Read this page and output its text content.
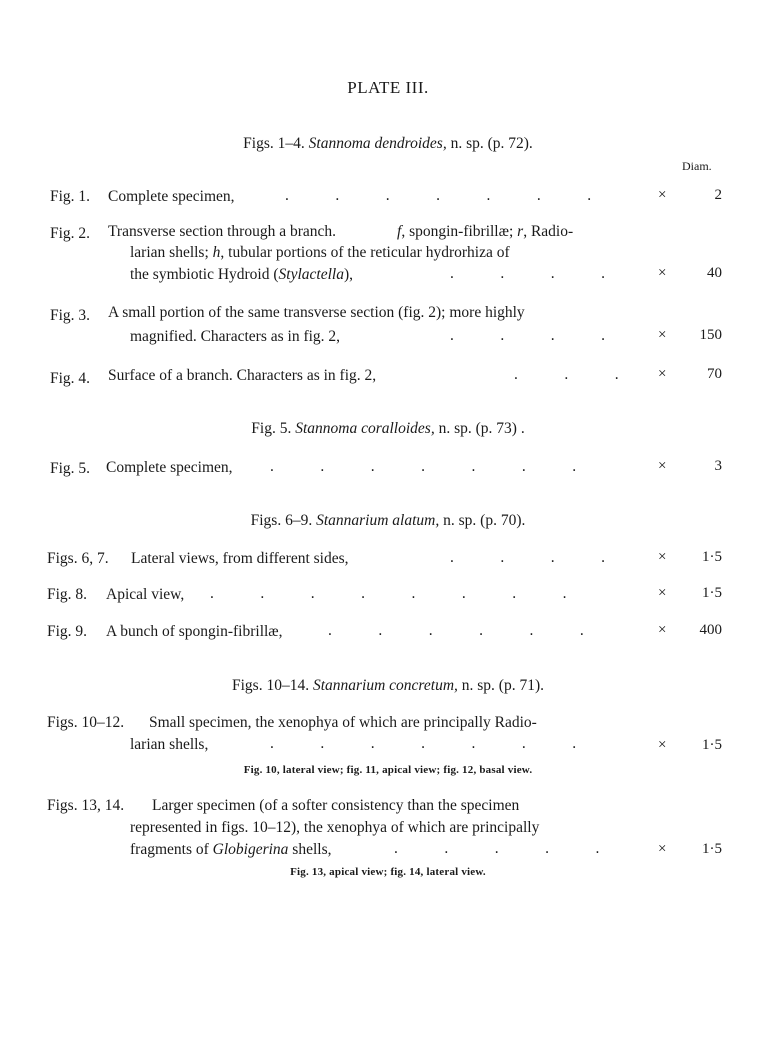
PLATE III.
Figs. 1–4. Stannoma dendroides, n. sp. (p. 72).
Diam.
Fig. 1. Complete specimen,	.            .            .            .            .            .            .	×	2
Fig. 2. Transverse section through a branch.	f, spongin-fibrillæ; r, Radio-
larian shells; h, tubular portions of the reticular hydrorhiza of
the symbiotic Hydroid (Stylactella),	.            .            .            .	×	40
Fig. 3. A small portion of the same transverse section (fig. 2); more highly
magnified. Characters as in fig. 2,	.            .            .            .	×	150
Fig. 4. Surface of a branch. Characters as in fig. 2,	.            .            .	×	70
Fig. 5. Stannoma coralloides, n. sp. (p. 73) .
Fig. 5. Complete specimen, .            .            .            .            .            .            .	×	3
Figs. 6–9. Stannarium alatum, n. sp. (p. 70).
Figs. 6, 7. Lateral views, from different sides,	.            .            .            .	×	1·5
Fig. 8. Apical view, .            .            .            .            .            .            .            .	×	1·5
Fig. 9. A bunch of spongin-fibrillæ,	.            .            .            .            .            .	×	400
Figs. 10–14. Stannarium concretum, n. sp. (p. 71).
Figs. 10–12. Small specimen, the xenophya of which are principally Radio-
larian shells,	.            .            .            .            .            .            .	×	1·5
Fig. 10, lateral view; fig. 11, apical view; fig. 12, basal view.
Figs. 13, 14. Larger specimen (of a softer consistency than the specimen
represented in figs. 10–12), the xenophya of which are principally
fragments of Globigerina shells,	.            .            .            .            .	×	1·5
Fig. 13, apical view; fig. 14, lateral view.
